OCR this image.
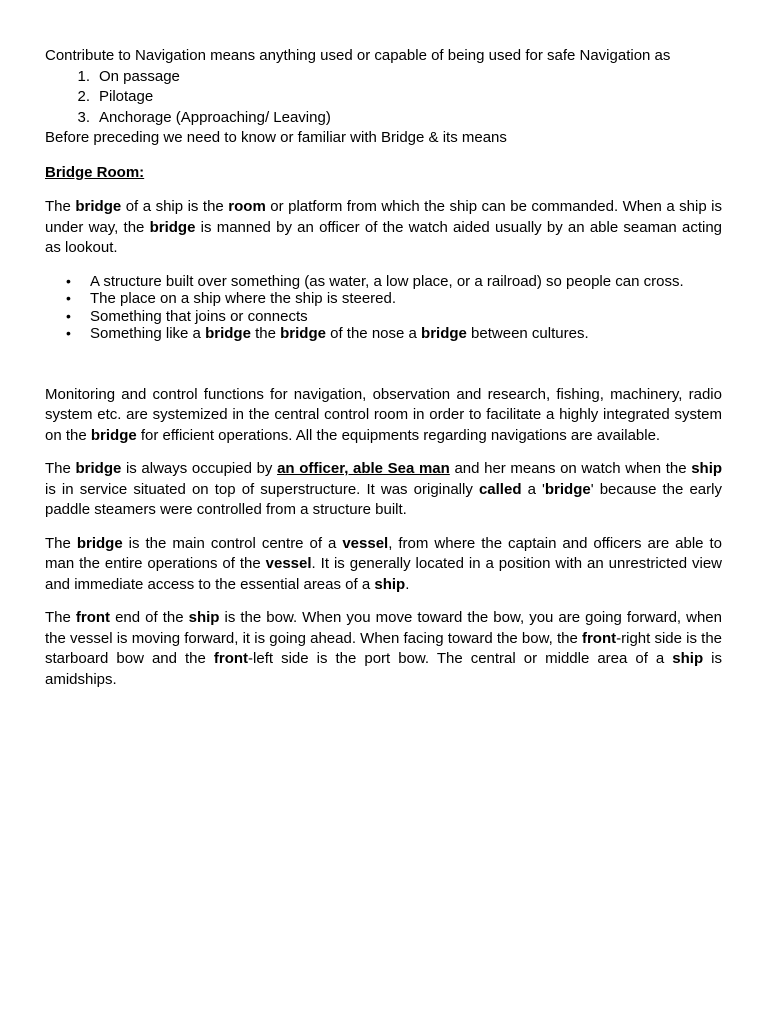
Contribute to Navigation means anything used or capable of being used for safe Navigation as

1. On passage
2. Pilotage
3. Anchorage (Approaching/ Leaving)

Before preceding we need to know or familiar with Bridge & its means

Bridge Room:

The bridge of a ship is the room or platform from which the ship can be commanded. When a ship is under way, the bridge is manned by an officer of the watch aided usually by an able seaman acting as lookout.

•	A structure built over something (as water, a low place, or a railroad) so people can cross.
•	The place on a ship where the ship is steered.
•	Something that joins or connects
•	Something like a bridge the bridge of the nose a bridge between cultures.

Monitoring and control functions for navigation, observation and research, fishing, machinery, radio system etc. are systemized in the central control room in order to facilitate a highly integrated system on the bridge for efficient operations. All the equipments regarding navigations are available.

The bridge is always occupied by an officer, able Sea man and her means on watch when the ship is in service situated on top of superstructure. It was originally called a 'bridge' because the early paddle steamers were controlled from a structure built.

The bridge is the main control centre of a vessel, from where the captain and officers are able to man the entire operations of the vessel. It is generally located in a position with an unrestricted view and immediate access to the essential areas of a ship.

The front end of the ship is the bow. When you move toward the bow, you are going forward, when the vessel is moving forward, it is going ahead. When facing toward the bow, the front-right side is the starboard bow and the front-left side is the port bow. The central or middle area of a ship is amidships.
